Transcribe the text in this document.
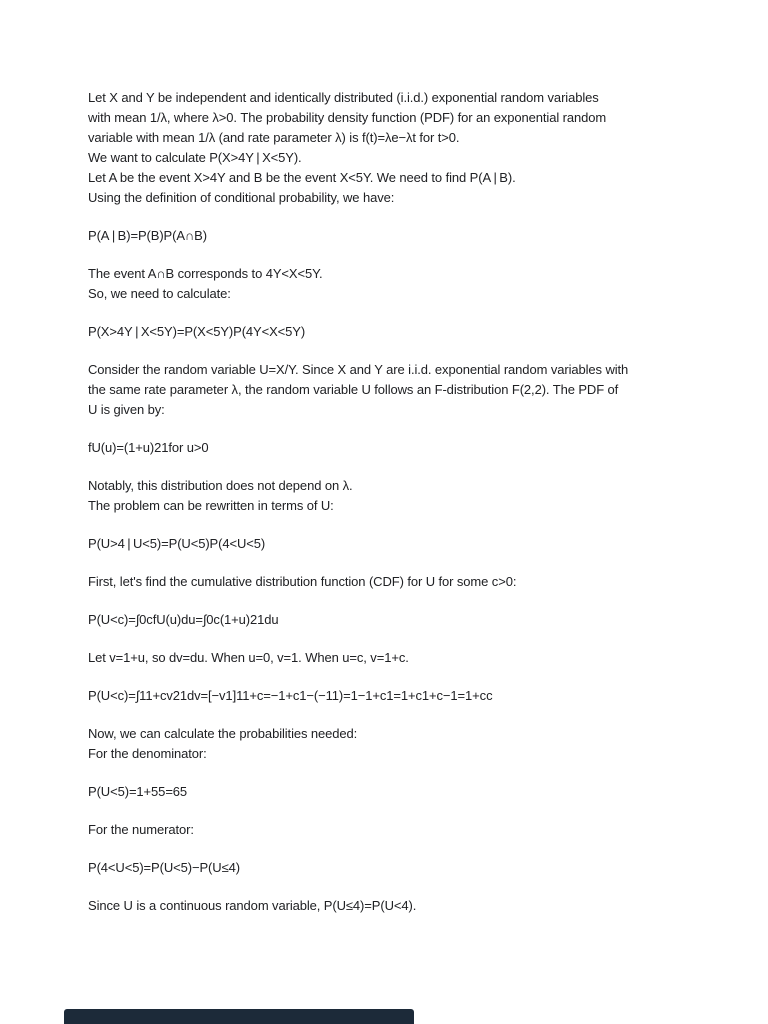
Let X and Y be independent and identically distributed (i.i.d.) exponential random variables
with mean 1/λ, where λ>0. The probability density function (PDF) for an exponential random
variable with mean 1/λ (and rate parameter λ) is f(t)=λe−λt for t>0.
We want to calculate P(X>4Y | X<5Y).
Let A be the event X>4Y and B be the event X<5Y. We need to find P(A | B).
Using the definition of conditional probability, we have:
P(A | B)=P(B)P(A∩B)
The event A∩B corresponds to 4Y<X<5Y.
So, we need to calculate:
P(X>4Y | X<5Y)=P(X<5Y)P(4Y<X<5Y)
Consider the random variable U=X/Y. Since X and Y are i.i.d. exponential random variables with
the same rate parameter λ, the random variable U follows an F-distribution F(2,2). The PDF of
U is given by:
fU(u)=(1+u)21for u>0
Notably, this distribution does not depend on λ.
The problem can be rewritten in terms of U:
P(U>4 | U<5)=P(U<5)P(4<U<5)
First, let's find the cumulative distribution function (CDF) for U for some c>0:
P(U<c)=∫0cfU(u)du=∫0c(1+u)21du
Let v=1+u, so dv=du. When u=0, v=1. When u=c, v=1+c.
P(U<c)=∫11+cv21dv=[−v1]11+c=−1+c1−(−11)=1−1+c1=1+c1+c−1=1+cc
Now, we can calculate the probabilities needed:
For the denominator:
P(U<5)=1+55=65
For the numerator:
P(4<U<5)=P(U<5)−P(U≤4)
Since U is a continuous random variable, P(U≤4)=P(U<4).
